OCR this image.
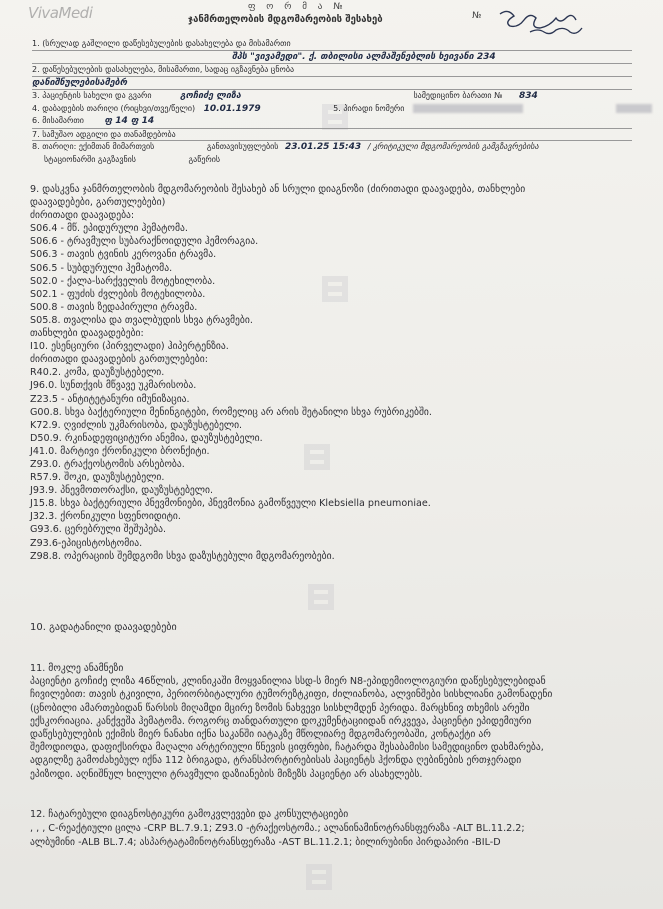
VivaMedi	ფ ო რ მ ა №
ჯანმრთელობის მდგომარეობის შესახებ	№
1. (სრულად გაშლილი დაწესებულების დასახელება და მისამართი
შპს "ვივამედი". ქ. თბილისი ალმაშენებლის ხეივანი 234
2. დაწესებულების დასახელება, მისამართი, სადაც იგზავნება ცნობა
დანიშნულებისამებრ
3. პაციენტის სახელი და გვარი	გოჩიძე ლიზა	სამედიცინო ბარათი № 834
4. დაბადების თარიღი (რიცხვი/თვე/წელი) 10.01.1979	5. პირადი ნომერი
6. მისამართი ფ 14 ფ 14
7. სამუშაო ადგილი და თანამდებობა
8. თარიღი: ექიმთან მიმართვის	განთავისუფლების 23.01.25 15:43 / კრიტიკული მდგომარეობის გამგზავრებისა
სტაციონარში გაგზავნის	გაწერის

9. დასკვნა ჯანმრთელობის მდგომარეობის შესახებ ან სრული დიაგნოზი (ძირითადი დაავადება, თანხლები

დაავადებები, გართულებები)

ძირითადი დაავადება:

S06.4 - მწ. ეპიდურული ჰემატომა.

S06.6 - ტრავმული სუბარაქნოიდული ჰემორაგია.

S06.3 - თავის ტვინის კეროვანი ტრავმა.

S06.5 - სუბდურული ჰემატომა.

S02.0 - ქალა-სარქველის მოტეხილობა.

S02.1 - ფუძის ძვლების მოტეხილობა.

S00.8 - თავის ზედაპირული ტრავმა.

S05.8. თვალისა და თვალბუდის სხვა ტრავმები.

თანხლები დაავადებები:

I10. ესენციური (პირველადი) ჰიპერტენზია.

ძირითადი დაავადების გართულებები:

R40.2. კომა, დაუზუსტებელი.

J96.0. სუნთქვის მწვავე უკმარისობა.

Z23.5 - ანტიტეტანური იმუნიზაცია.

G00.8. სხვა ბაქტერიული მენინგიტები, რომელიც არ არის შეტანილი სხვა რუბრიკებში.

K72.9. ღვიძლის უკმარისობა, დაუზუსტებელი.

D50.9. რკინადეფიციტური ანემია, დაუზუსტებელი.

J41.0. მარტივი ქრონიკული ბრონქიტი.

Z93.0. ტრაქეოსტომის არსებობა.

R57.9. შოკი, დაუზუსტებელი.

J93.9. პნევმოთორაქსი, დაუზუსტებელი.

J15.8. სხვა ბაქტერიული პნევმონიები, პნევმონია გამოწვეული Klebsiella pneumoniae.

J32.3. ქრონიკული სფენოიდიტი.

G93.6. ცერებრული შეშუპება.

Z93.6-ეპიცისტოსტომია.

Z98.8. ოპერაციის შემდგომი სხვა დაზუსტებული მდგომარეობები.

10. გადატანილი დაავადებები

11. მოკლე ანამნეზი

პაციენტი გოჩიძე ლიზა 46წლის, კლინიკაში მოყვანილია სსდ-ს მიერ N8-ეპიდემიოლოგიური დაწესებულებიდან

ჩივილებით: თავის ტკივილი, პერიორბიტალური ტუმორეზტკიფი, ძილიანობა, ალვინშები სისხლიანი გამონადენი

(ცნობილი ამართებიდან წარსის მიღამდი მცირე ზომის ნახვევი სისხლმდენ პერიდა. მარცხნივ თხემის არეში

ექსკორიაცია. კანქვეშა ჰემატომა. როგორც თანდართული დოკუმენტაციიდან ირკვევა, პაციენტი ეპიდემიური

დაწესებულების ექიმის მიერ ნანახი იქნა საკანში იატაკზე მწოლიარე მდგომარეობაში, კონტაქტი არ

შემოდიოდა, დაფიქსირდა მაღალი არტერიული წნევის ციფრები, ჩატარდა შესაბამისი სამედიცინო დახმარება,

ადგილზე გამოძახებულ იქნა 112 ბრიგადა, ტრანსპორტირებისას პაციენტს ჰქონდა ღებინების ერთჯერადი

ეპიზოდი. აღნიშნულ ხილული ტრავმული დაზიანების მიზეზს პაციენტი არ ასახელებს.

12. ჩატარებული დიაგნოსტიკური გამოკვლევები და კონსულტაციები

, , , C-რეაქტიული ცილა -CRP BL.7.9.1; Z93.0 -ტრაქეოსტომა.; ალანინამინოტრანსფერაზა -ALT BL.11.2.2;

ალბუმინი -ALB BL.7.4; ასპარტატამინოტრანსფერაზა -AST BL.11.2.1; ბილირუბინი პირდაპირი -BIL-D
